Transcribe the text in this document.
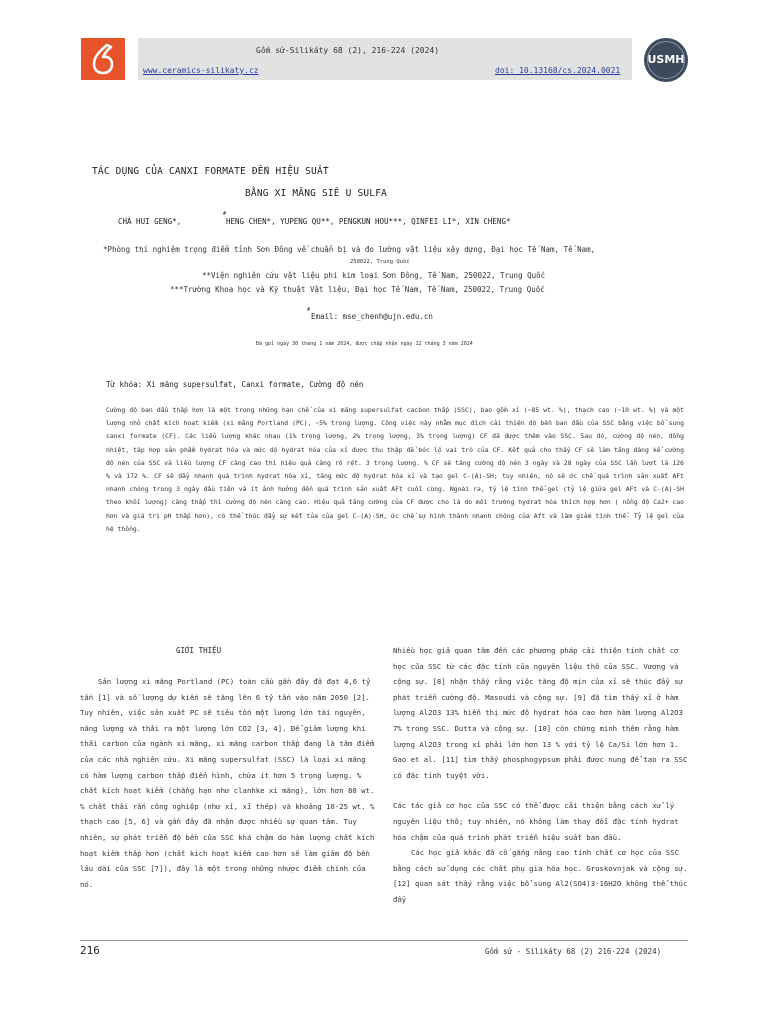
Gốm sứ-Silikáty 68 (2), 216-224 (2024)
www.ceramics-silikaty.cz	doi: 10.13168/cs.2024.0021
USMH
TÁC DỤNG CỦA CANXI FORMATE ĐẾN HIỆU SUẤT
BẰNG XI MĂNG SIÊ U SULFA
CHÀ HUI GENG*,
#
HENG CHEN*, YUPENG QU**, PENGKUN HOU***, QINFEI LI*, XIN CHENG*
*Phòng thí nghiệm trọng điểm tỉnh Sơn Đông về chuẩn bị và đo lường vật liệu xây dựng, Đại học Tế Nam, Tế Nam,
250022, Trung Quốc
**Viện nghiên cứu vật liệu phi kim loại Sơn Đông, Tế Nam, 250022, Trung Quốc
***Trường Khoa học và Kỹ thuật Vật liệu, Đại học Tế Nam, Tế Nam, 250022, Trung Quốc
#
Email: mse_chenh@ujn.edu.cn
Đã gửi ngày 30 tháng 1 năm 2024, được chấp nhận ngày 12 tháng 3 năm 2024
Từ khóa: Xi măng supersulfat, Canxi formate, Cường độ nén

Cường độ ban đầu thấp hơn là một trong những hạn chế của xi măng supersulfat cacbon thấp (SSC), bao gồm xỉ (~85 wt. %), thạch cao (~10 wt. %) và một lượng nhỏ chất kích hoạt kiềm (xi măng Portland (PC), ~5% trọng lượng. Công việc này nhằm mục đích cải thiện độ bền ban đầu của SSC bằng việc bổ sung canxi formate (CF). Các liều lượng khác nhau (1% trọng lượng, 2% trọng lượng, 3% trọng lượng) CF đã được thêm vào SSC. Sau đó, cường độ nén, đồng nhiệt, tập hợp sản phẩm hydrat hóa và mức độ hydrat hóa của xỉ được thu thập để bóc lộ vai trò của CF. Kết quả cho thấy CF sẽ làm tăng đáng kể cường độ nén của SSC và liều lượng CF càng cao thì hiệu quả càng rõ rệt. 3 trọng lượng. % CF sẽ tăng cường độ nén 3 ngày và 28 ngày của SSC lần lượt là 126 % và 172 %. CF sẽ đẩy nhanh quá trình hydrat hóa xỉ, tăng mức độ hydrat hóa xỉ và tạo gel C-(A)-SH; tuy nhiên, nó sẽ ức chế quá trình sản xuất AFt nhanh chóng trong 3 ngày đầu tiên và ít ảnh hưởng đến quá trình sản xuất AFt cuối cùng. Ngoài ra, tỷ lệ tính thể-gel (tỷ lệ giữa gel AFt và C-(A)-SH theo khối lượng) càng thấp thì cường độ nén càng cao. Hiệu quả tăng cường của CF được cho là do môi trường hydrat hóa thích hợp hơn ( nồng độ Ca2+ cao hơn và giá trị pH thấp hơn), có thể thúc đẩy sự kết tủa của gel C-(A)-SH, ức chế sự hình thành nhanh chóng của Aft và làm giảm tính thể- Tỷ lệ gel của hệ thống.

GIỚI THIỆU

Sản lượng xi măng Portland (PC) toàn cầu gần đây đã đạt 4,6 tỷ tấn [1] và số lượng dự kiến sẽ tăng lên 6 tỷ tấn vào năm 2050 [2].

Tuy nhiên, việc sản xuất PC sẽ tiêu tốn một lượng lớn tài nguyên, năng lượng và thải ra một lượng lớn CO2 [3, 4]. Để giảm lượng khí thải carbon của ngành xi măng, xi măng carbon thấp đang là tâm điểm của các nhà nghiên cứu. Xi măng supersulfat (SSC) là loại xi măng có hàm lượng carbon thấp điển hình, chứa ít hơn 5 trọng lượng. % chất kích hoạt kiềm (chẳng hạn như clanhke xi măng), lớn hơn 80 wt. % chất thải rắn công nghiệp (như xỉ, xỉ thép) và khoảng 10-25 wt. % thạch cao [5, 6] và gần đây đã nhận được nhiều sự quan tâm. Tuy nhiên, sự phát triển độ bền của SSC khá chậm do hàm lượng chất kích hoạt kiềm thấp hơn (chất kích hoạt kiềm cao hơn sẽ làm giảm độ bền lâu dài của SSC [7]), đây là một trong những nhược điểm chính của nó.

Nhiều học giả quan tâm đến các phương pháp cải thiện tính chất cơ học của SSC từ các đặc tính của nguyên liệu thô của SSC. Vương và cộng sự. [8] nhận thấy rằng việc tăng độ mịn của xỉ sẽ thúc đẩy sự phát triển cường độ. Masoudi và cộng sự. [9] đã tìm thấy xỉ ở hàm lượng Al2O3 13% hiển thị mức độ hydrat hóa cao hơn hàm lượng Al2O3 7% trong SSC. Dutta và cộng sự. [10] còn chứng minh thêm rằng hàm lượng Al2O3 trong xỉ phải lớn hơn 13 % với tỷ lệ Ca/Si lớn hơn 1. Gao et al. [11] tìm thấy phosphogypsum phải được nung để tạo ra SSC có đặc tính tuyệt vời.

Các tác giả cơ học của SSC có thể được cải thiện bằng cách xử lý nguyên liệu thô; tuy nhiên, nó không làm thay đổi đặc tính hydrat hóa chậm của quá trình phát triển hiệu suất ban đầu.

Các học giả khác đã cố gắng nâng cao tính chất cơ học của SSC bằng cách sử dụng các chất phụ gia hóa học. Gruskovnjak và cộng sự. [12] quan sát thấy rằng việc bổ sung Al2(SO4)3·16H2O không thể thúc đẩy

216	Gốm sứ - Silikáty 68 (2) 216-224 (2024)
